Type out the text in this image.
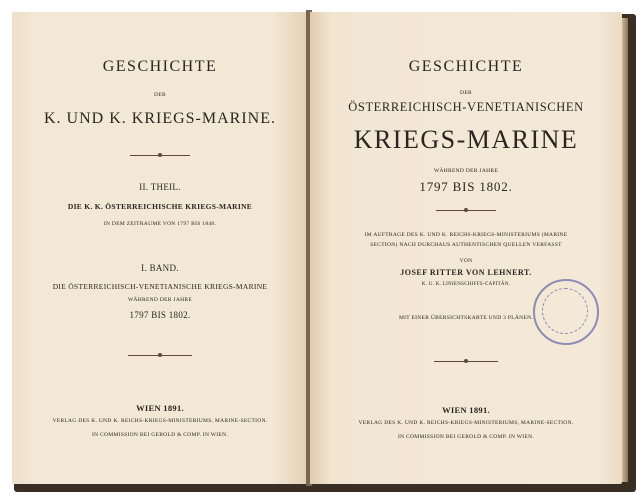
GESCHICHTE
DER
K. UND K. KRIEGS-MARINE.
II. THEIL.
DIE K. K. ÖSTERREICHISCHE KRIEGS-MARINE
IN DEM ZEITRAUME VON 1797 BIS 1848.
I. BAND.
DIE ÖSTERREICHISCH-VENETIANISCHE KRIEGS-MARINE
WÄHREND DER JAHRE
1797 BIS 1802.
WIEN 1891.
VERLAG DES K. UND K. REICHS-KRIEGS-MINISTERIUMS, MARINE-SECTION.
IN COMMISSION BEI GEROLD & COMP. IN WIEN.
GESCHICHTE
DER
ÖSTERREICHISCH-VENETIANISCHEN
KRIEGS-MARINE
WÄHREND DER JAHRE
1797 BIS 1802.
IM AUFTRAGE DES K. UND K. REICHS-KRIEGS-MINISTERIUMS (MARINE
SECTION) NACH DURCHAUS AUTHENTISCHEN QUELLEN VERFASST
VON
JOSEF RITTER VON LEHNERT.
K. U. K. LINIENSCHIFFS-CAPITÄN.
MIT EINER ÜBERSICHTSKARTE UND 3 PLÄNEN.
WIEN 1891.
VERLAG DES K. UND K. REICHS-KRIEGS-MINISTERIUMS, MARINE-SECTION.
IN COMMISSION BEI GEROLD & COMP. IN WIEN.
